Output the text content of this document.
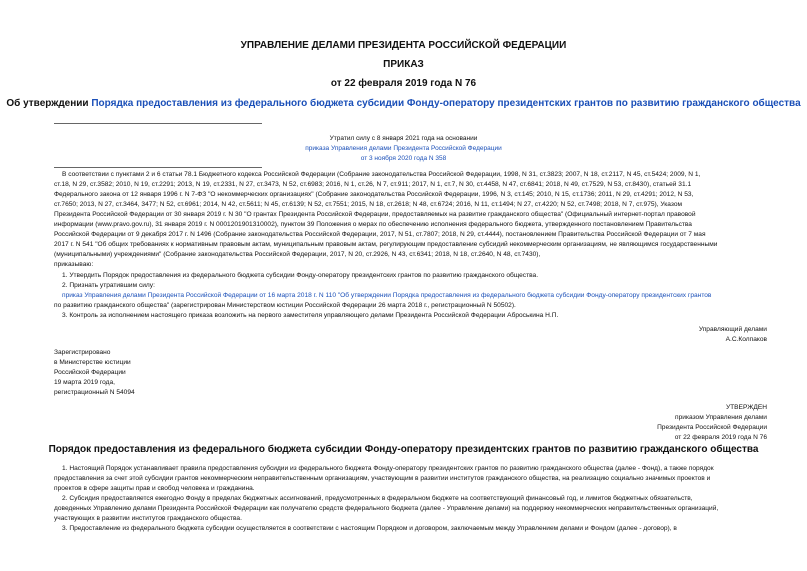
УПРАВЛЕНИЕ ДЕЛАМИ ПРЕЗИДЕНТА РОССИЙСКОЙ ФЕДЕРАЦИИ
ПРИКАЗ
от 22 февраля 2019 года N 76
Об утверждении Порядка предоставления из федерального бюджета субсидии Фонду-оператору президентских грантов по развитию гражданского общества
Утратил силу с 8 января 2021 года на основании
приказа Управления делами Президента Российской Федерации
от 3 ноября 2020 года N 358
В соответствии с пунктами 2 и 6 статьи 78.1 Бюджетного кодекса Российской Федерации (Собрание законодательства Российской Федерации, 1998, N 31, ст.3823; 2007, N 18, ст.2117, N 45, ст.5424; 2009, N 1,
ст.18, N 29, ст.3582; 2010, N 19, ст.2291; 2013, N 19, ст.2331, N 27, ст.3473, N 52, ст.6983; 2016, N 1, ст.26, N 7, ст.911; 2017, N 1, ст.7, N 30, ст.4458, N 47, ст.6841; 2018, N 49, ст.7529, N 53, ст.8430), статьей 31.1
Федерального закона от 12 января 1996 г. N 7-ФЗ "О некоммерческих организациях" (Собрание законодательства Российской Федерации, 1996, N 3, ст.145; 2010, N 15, ст.1736; 2011, N 29, ст.4291; 2012, N 53,
ст.7650; 2013, N 27, ст.3464, 3477; N 52, ст.6961; 2014, N 42, ст.5611; N 45, ст.6139; N 52, ст.7551; 2015, N 18, ст.2618; N 48, ст.6724; 2016, N 11, ст.1494; N 27, ст.4220; N 52, ст.7498; 2018, N 7, ст.975), Указом
Президента Российской Федерации от 30 января 2019 г. N 30 "О грантах Президента Российской Федерации, предоставляемых на развитие гражданского общества" (Официальный интернет-портал правовой
информации (www.pravo.gov.ru), 31 января 2019 г. N 0001201901310002), пунктом 39 Положения о мерах по обеспечению исполнения федерального бюджета, утвержденного постановлением Правительства
Российской Федерации от 9 декабря 2017 г. N 1496 (Собрание законодательства Российской Федерации, 2017, N 51, ст.7807; 2018, N 29, ст.4444), постановлением Правительства Российской Федерации от 7 мая
2017 г. N 541 "Об общих требованиях к нормативным правовым актам, муниципальным правовым актам, регулирующим предоставление субсидий некоммерческим организациям, не являющимся государственными
(муниципальными) учреждениями" (Собрание законодательства Российской Федерации, 2017, N 20, ст.2926, N 43, ст.6341; 2018, N 18, ст.2640, N 48, ст.7430),
приказываю:
1. Утвердить Порядок предоставления из федерального бюджета субсидии Фонду-оператору президентских грантов по развитию гражданского общества.
2. Признать утратившим силу:
приказ Управления делами Президента Российской Федерации от 16 марта 2018 г. N 110 "Об утверждении Порядка предоставления из федерального бюджета субсидии Фонду-оператору президентских грантов
по развитию гражданского общества" (зарегистрирован Министерством юстиции Российской Федерации 26 марта 2018 г., регистрационный N 50502).
3. Контроль за исполнением настоящего приказа возложить на первого заместителя управляющего делами Президента Российской Федерации Аброськина Н.П.
Управляющий делами
А.С.Колпаков
Зарегистрировано
в Министерстве юстиции
Российской Федерации
19 марта 2019 года,
регистрационный N 54094
УТВЕРЖДЕН
приказом Управления делами
Президента Российской Федерации
от 22 февраля 2019 года N 76
Порядок предоставления из федерального бюджета субсидии Фонду-оператору президентских грантов по развитию гражданского общества
1. Настоящий Порядок устанавливает правила предоставления субсидии из федерального бюджета Фонду-оператору президентских грантов по развитию гражданского общества (далее - Фонд), а также порядок
предоставления за счет этой субсидии грантов некоммерческим неправительственным организациям, участвующим в развитии институтов гражданского общества, на реализацию социально значимых проектов и
проектов в сфере защиты прав и свобод человека и гражданина.
2. Субсидия предоставляется ежегодно Фонду в пределах бюджетных ассигнований, предусмотренных в федеральном бюджете на соответствующий финансовый год, и лимитов бюджетных обязательств,
доведенных Управлению делами Президента Российской Федерации как получателю средств федерального бюджета (далее - Управление делами) на поддержку некоммерческих неправительственных организаций,
участвующих в развитии институтов гражданского общества.
3. Предоставление из федерального бюджета субсидии осуществляется в соответствии с настоящим Порядком и договором, заключаемым между Управлением делами и Фондом (далее - договор), в
